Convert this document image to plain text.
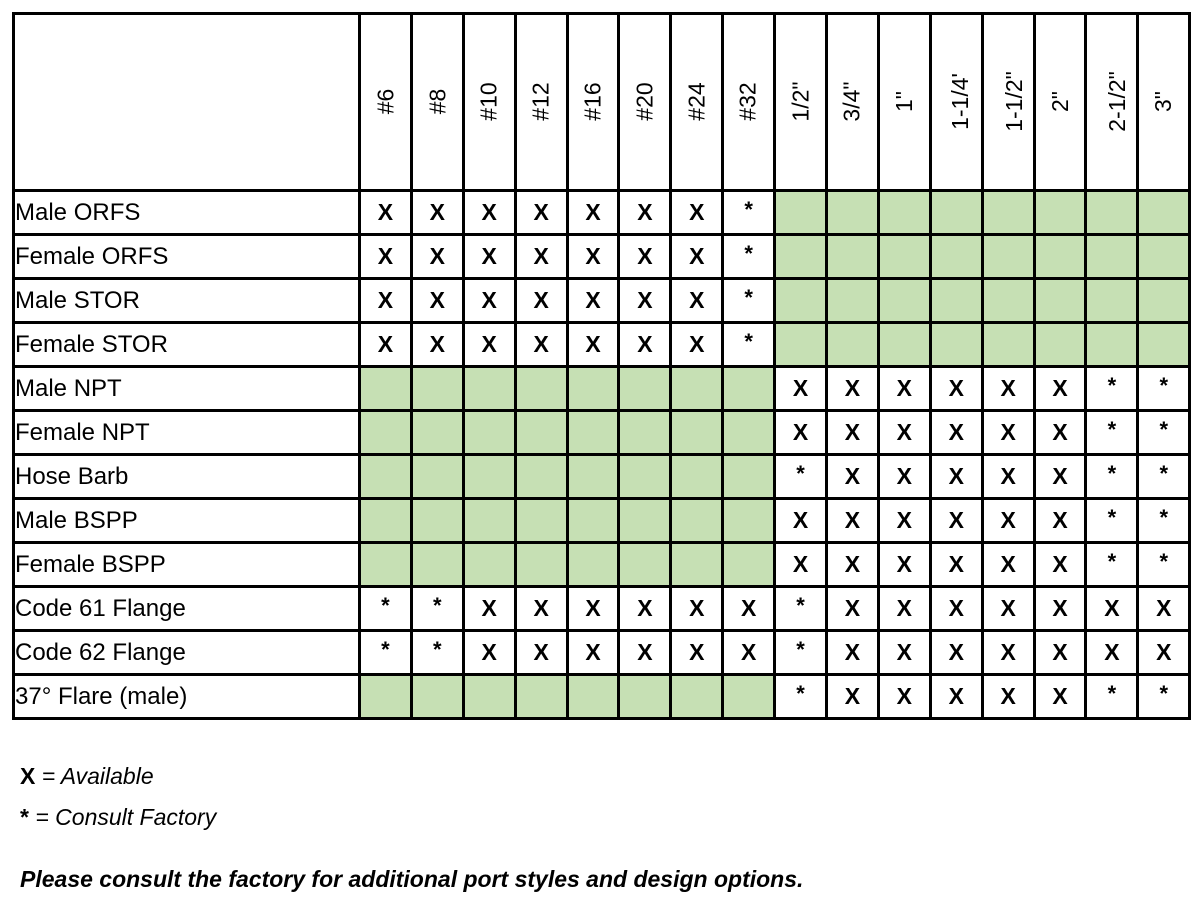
	#6	#8	#10	#12	#16	#20	#24	#32	1/2"	3/4"	1"	1-1/4'	1-1/2"	2"	2-1/2"	3"
Male ORFS	X	X	X	X	X	X	X	*								
Female ORFS	X	X	X	X	X	X	X	*								
Male STOR	X	X	X	X	X	X	X	*								
Female STOR	X	X	X	X	X	X	X	*								
Male NPT									X	X	X	X	X	X	*	*
Female NPT									X	X	X	X	X	X	*	*
Hose Barb									*	X	X	X	X	X	*	*
Male BSPP									X	X	X	X	X	X	*	*
Female BSPP									X	X	X	X	X	X	*	*
Code 61 Flange	*	*	X	X	X	X	X	X	*	X	X	X	X	X	X	X
Code 62 Flange	*	*	X	X	X	X	X	X	*	X	X	X	X	X	X	X
37° Flare (male)									*	X	X	X	X	X	*	*
X = Available
* = Consult Factory
Please consult the factory for additional port styles and design options.
